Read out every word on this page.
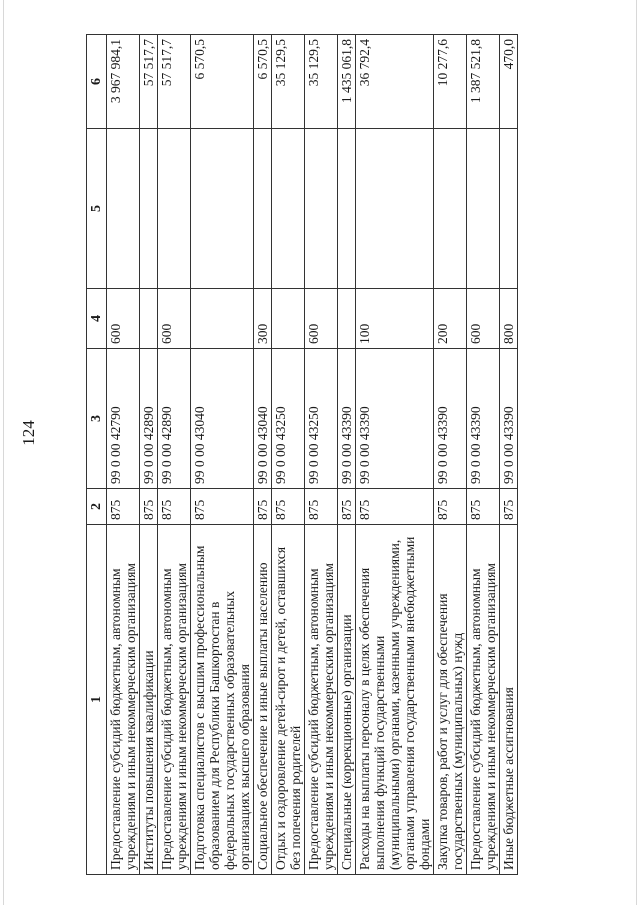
124
1	2	3	4	5	6
Предоставление субсидий бюджетным, автономным учреждениям и иным некоммерческим организациям	875	99 0 00 42790	600		3 967 984,1
Институты повышения квалификации	875	99 0 00 42890			57 517,7
Предоставление субсидий бюджетным, автономным учреждениям и иным некоммерческим организациям	875	99 0 00 42890	600		57 517,7
Подготовка специалистов с высшим профессиональным образованием для Республики Башкортостан в федеральных государственных образовательных организациях высшего образования	875	99 0 00 43040			6 570,5
Социальное обеспечение и иные выплаты населению	875	99 0 00 43040	300		6 570,5
Отдых и оздоровление детей-сирот и детей, оставшихся без попечения родителей	875	99 0 00 43250			35 129,5
Предоставление субсидий бюджетным, автономным учреждениям и иным некоммерческим организациям	875	99 0 00 43250	600		35 129,5
Специальные (коррекционные) организации	875	99 0 00 43390			1 435 061,8
Расходы на выплаты персоналу в целях обеспечения выполнения функций государственными (муниципальными) органами, казенными учреждениями, органами управления государственными внебюджетными фондами	875	99 0 00 43390	100		36 792,4
Закупка товаров, работ и услуг для обеспечения государственных (муниципальных) нужд	875	99 0 00 43390	200		10 277,6
Предоставление субсидий бюджетным, автономным учреждениям и иным некоммерческим организациям	875	99 0 00 43390	600		1 387 521,8
Иные бюджетные ассигнования	875	99 0 00 43390	800		470,0
